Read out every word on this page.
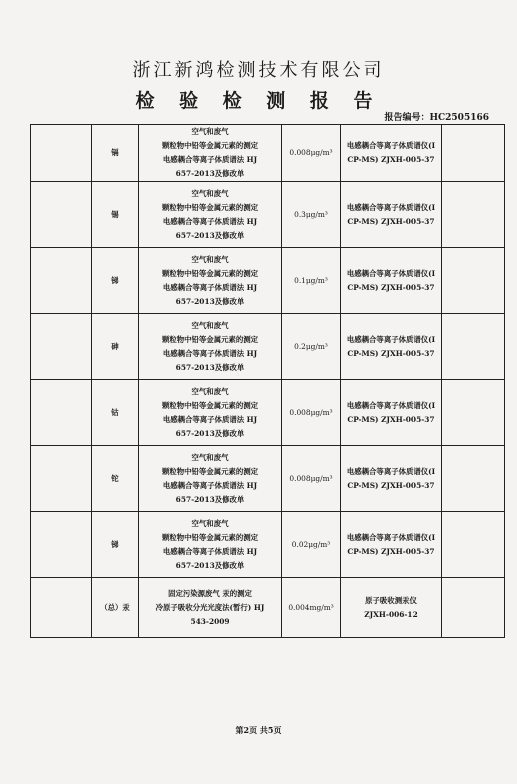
浙江新鸿检测技术有限公司
检 验 检 测 报 告
报告编号：HC2505166
	镉	空气和废气
颗粒物中铅等金属元素的测定
电感耦合等离子体质谱法 HJ
657-2013及修改单	0.008μg/m³	电感耦合等离子体质谱仪(I
CP-MS) ZJXH-005-37	

	锡	空气和废气
颗粒物中铅等金属元素的测定
电感耦合等离子体质谱法 HJ
657-2013及修改单	0.3μg/m³	电感耦合等离子体质谱仪(I
CP-MS) ZJXH-005-37	

	锑	空气和废气
颗粒物中铅等金属元素的测定
电感耦合等离子体质谱法 HJ
657-2013及修改单	0.1μg/m³	电感耦合等离子体质谱仪(I
CP-MS) ZJXH-005-37	

	砷	空气和废气
颗粒物中铅等金属元素的测定
电感耦合等离子体质谱法 HJ
657-2013及修改单	0.2μg/m³	电感耦合等离子体质谱仪(I
CP-MS) ZJXH-005-37	

	钴	空气和废气
颗粒物中铅等金属元素的测定
电感耦合等离子体质谱法 HJ
657-2013及修改单	0.008μg/m³	电感耦合等离子体质谱仪(I
CP-MS) ZJXH-005-37	

	铊	空气和废气
颗粒物中铅等金属元素的测定
电感耦合等离子体质谱法 HJ
657-2013及修改单	0.008μg/m³	电感耦合等离子体质谱仪(I
CP-MS) ZJXH-005-37	

	锑	空气和废气
颗粒物中铅等金属元素的测定
电感耦合等离子体质谱法 HJ
657-2013及修改单	0.02μg/m³	电感耦合等离子体质谱仪(I
CP-MS) ZJXH-005-37	

	（总）汞	固定污染源废气 汞的测定
冷原子吸收分光光度法(暂行) HJ
543-2009	0.004mg/m³	原子吸收测汞仪
ZJXH-006-12	

第2页 共5页
